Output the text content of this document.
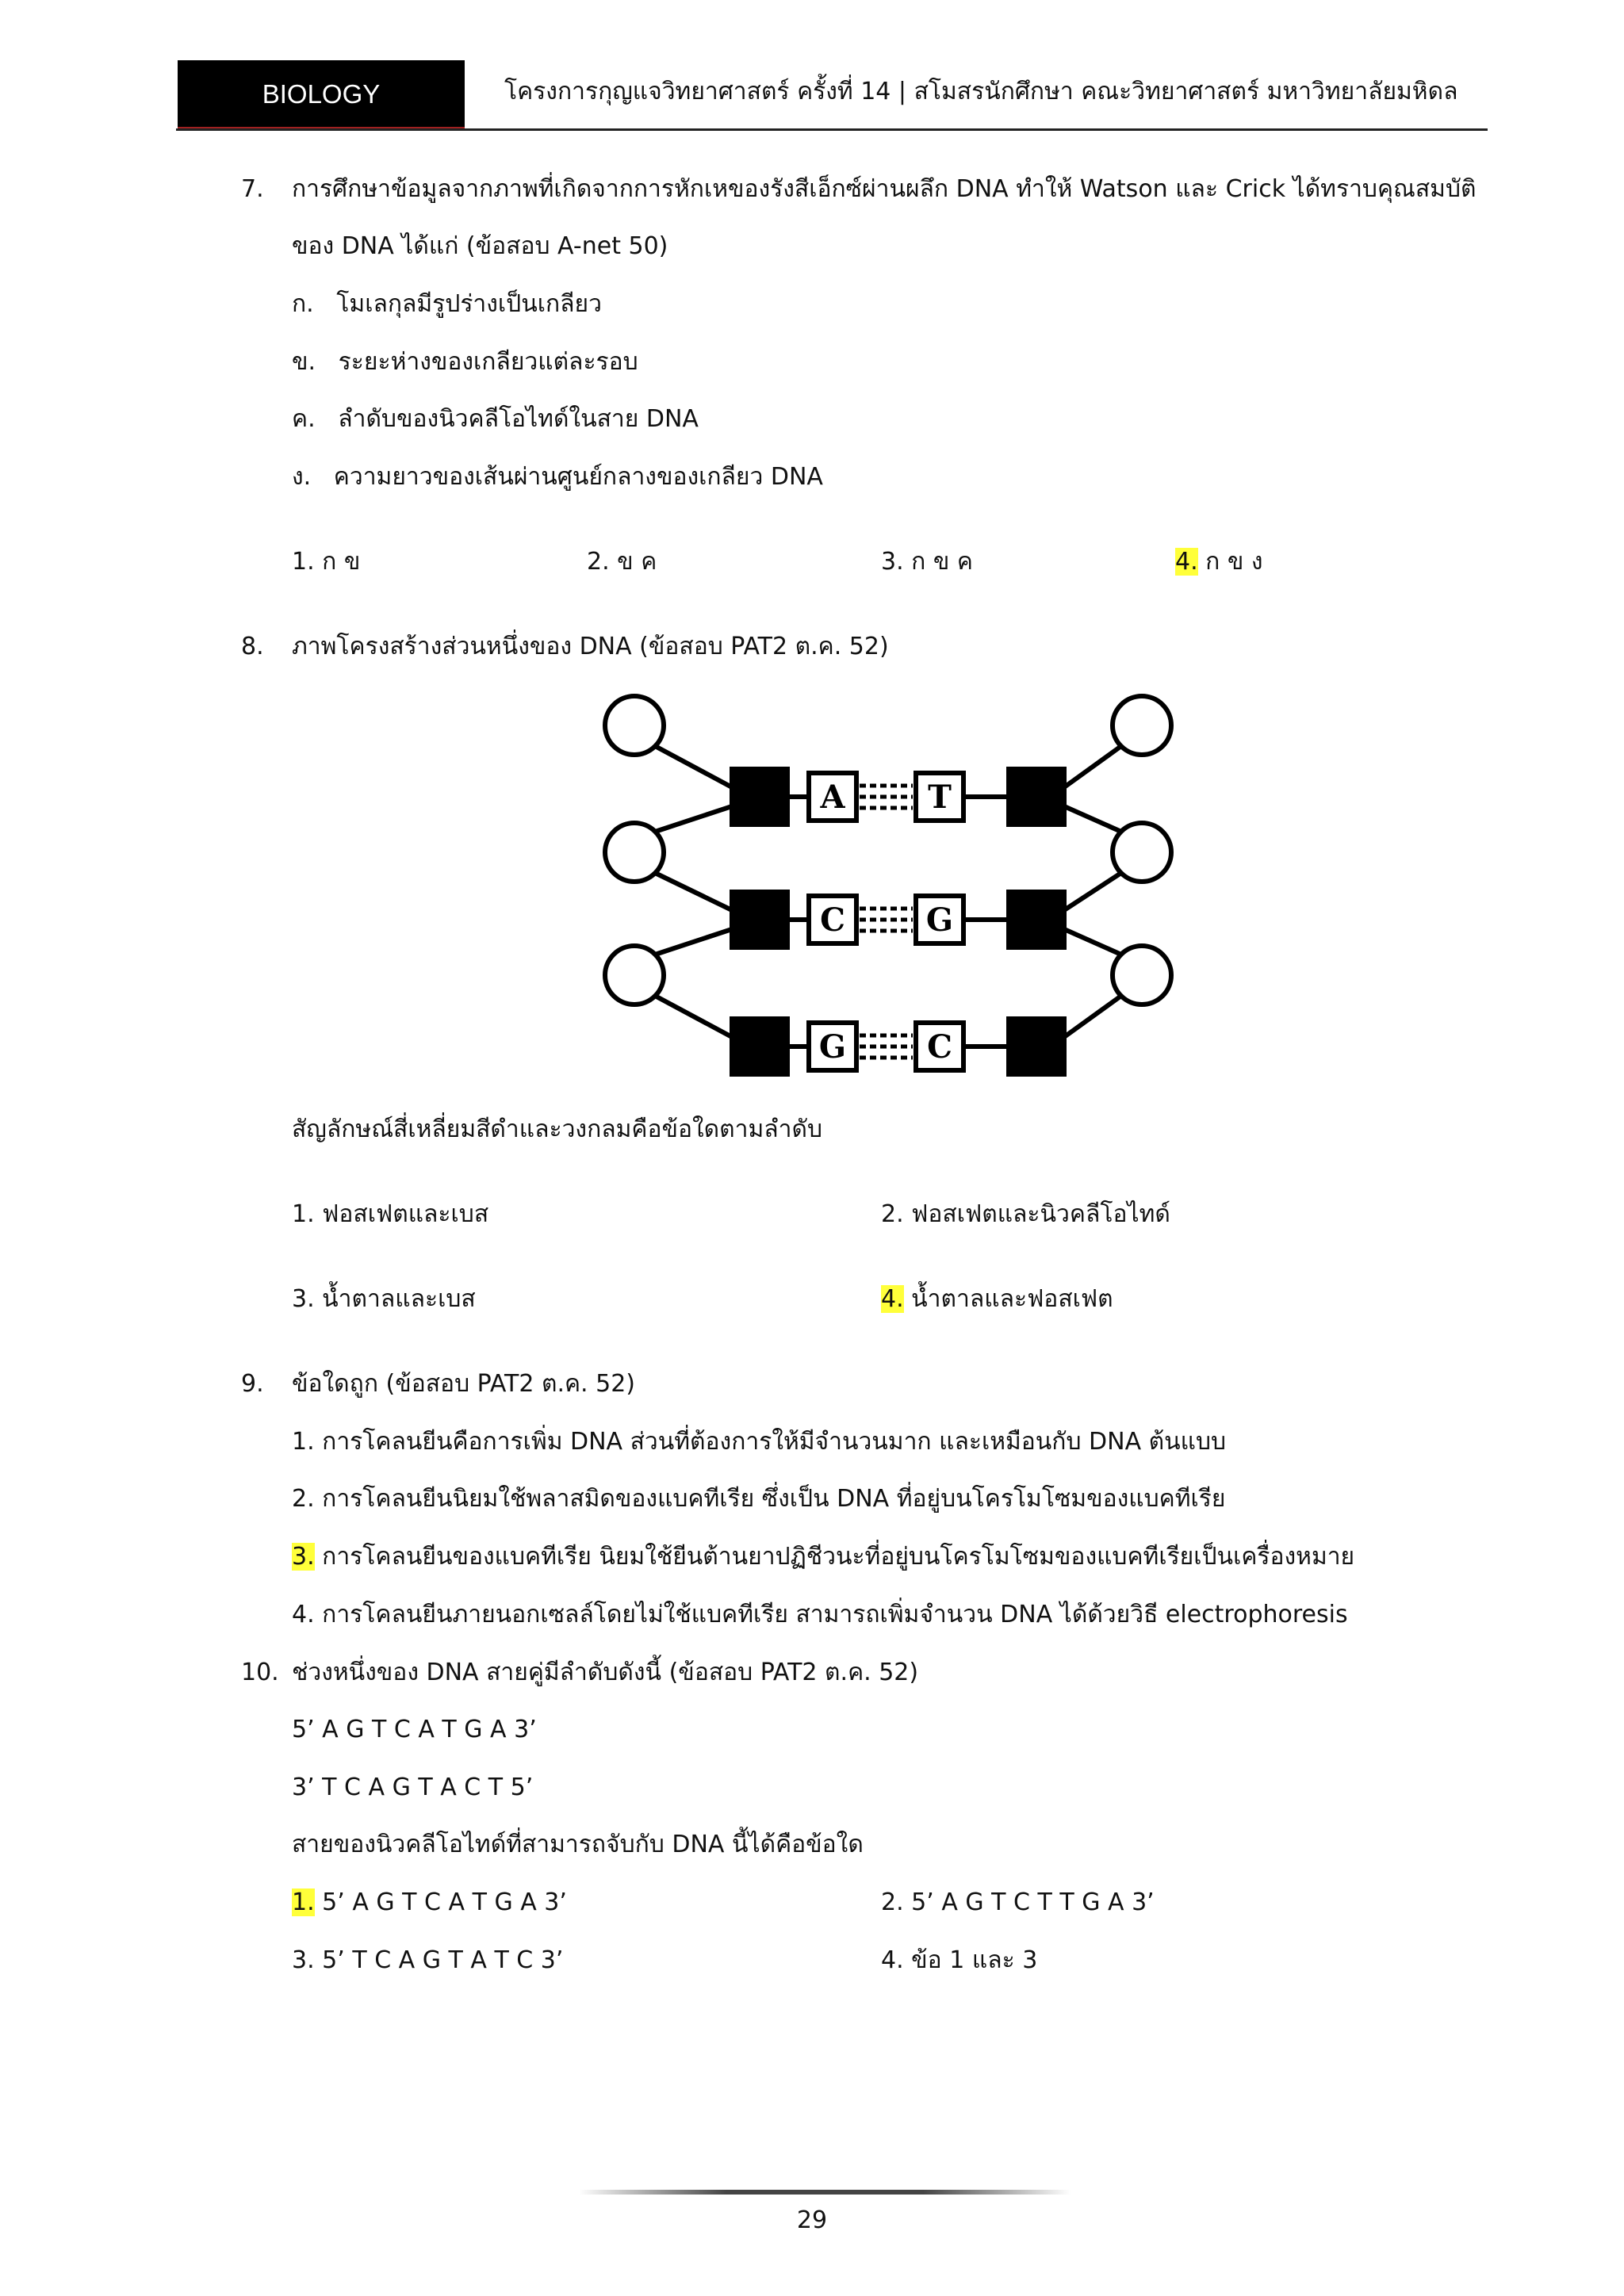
BIOLOGY	โครงการกุญแจวิทยาศาสตร์ ครั้งที่ 14 | สโมสรนักศึกษา คณะวิทยาศาสตร์ มหาวิทยาลัยมหิดล
7. การศึกษาข้อมูลจากภาพที่เกิดจากการหักเหของรังสีเอ็กซ์ผ่านผลึก DNA ทำให้ Watson และ Crick ได้ทราบคุณสมบัติ
ของ DNA ได้แก่ (ข้อสอบ A-net 50)
ก.   โมเลกุลมีรูปร่างเป็นเกลียว
ข.   ระยะห่างของเกลียวแต่ละรอบ
ค.   ลำดับของนิวคลีโอไทด์ในสาย DNA
ง.   ความยาวของเส้นผ่านศูนย์กลางของเกลียว DNA
1. ก ข	2. ข ค	3. ก ข ค	4. ก ข ง
8. ภาพโครงสร้างส่วนหนึ่งของ DNA (ข้อสอบ PAT2 ต.ค. 52)
A	T
C	G
G	C
สัญลักษณ์สี่เหลี่ยมสีดำและวงกลมคือข้อใดตามลำดับ
1. ฟอสเฟตและเบส	2. ฟอสเฟตและนิวคลีโอไทด์
3. น้ำตาลและเบส	4. น้ำตาลและฟอสเฟต
9. ข้อใดถูก (ข้อสอบ PAT2 ต.ค. 52)
1. การโคลนยีนคือการเพิ่ม DNA ส่วนที่ต้องการให้มีจำนวนมาก และเหมือนกับ DNA ต้นแบบ
2. การโคลนยีนนิยมใช้พลาสมิดของแบคทีเรีย ซึ่งเป็น DNA ที่อยู่บนโครโมโซมของแบคทีเรีย
3. การโคลนยีนของแบคทีเรีย นิยมใช้ยีนต้านยาปฏิชีวนะที่อยู่บนโครโมโซมของแบคทีเรียเป็นเครื่องหมาย
4. การโคลนยีนภายนอกเซลล์โดยไม่ใช้แบคทีเรีย สามารถเพิ่มจำนวน DNA ได้ด้วยวิธี electrophoresis
10. ช่วงหนึ่งของ DNA สายคู่มีลำดับดังนี้ (ข้อสอบ PAT2 ต.ค. 52)
5’ A G T C A T G A 3’
3’ T C A G T A C T 5’
สายของนิวคลีโอไทด์ที่สามารถจับกับ DNA นี้ได้คือข้อใด
1. 5’ A G T C A T G A 3’	2. 5’ A G T C T T G A 3’
3. 5’ T C A G T A T C 3’	4. ข้อ 1 และ 3
29
